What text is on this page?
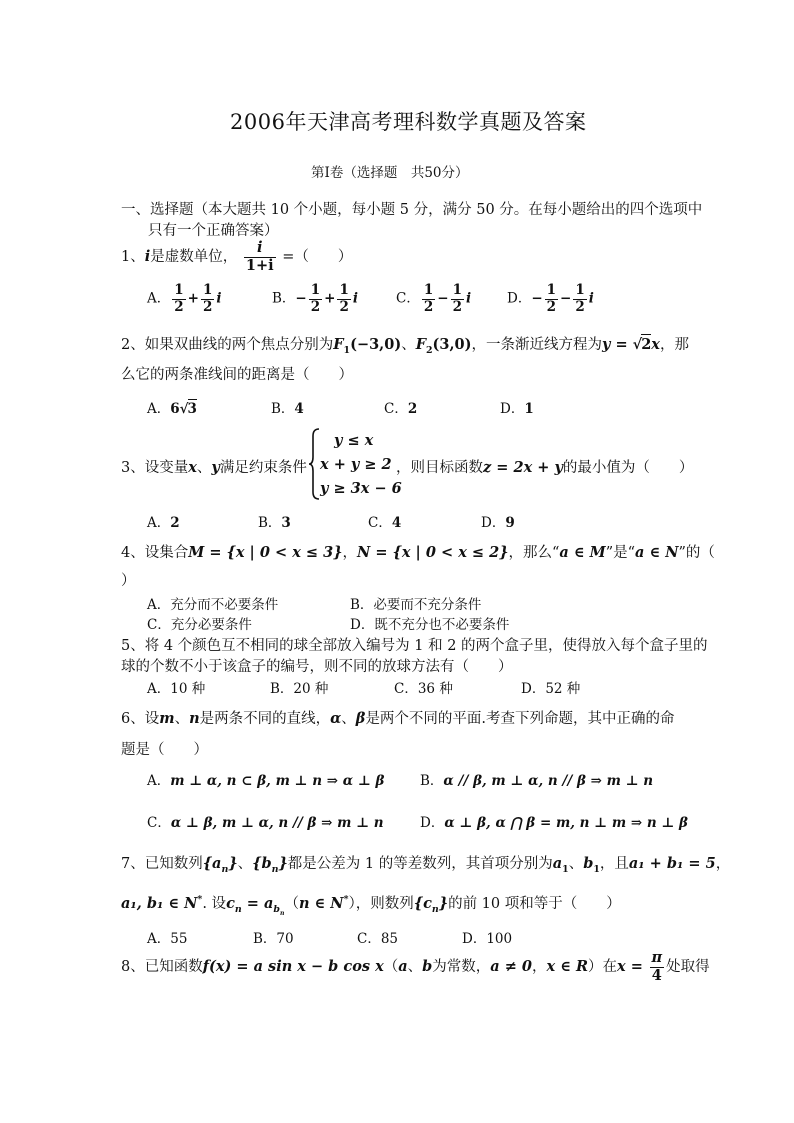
2006年天津高考理科数学真题及答案
第Ⅰ卷（选择题　共50分）
一、选择题（本大题共 10 个小题，每小题 5 分，满分 50 分。在每小题给出的四个选项中
只有一个正确答案）
1、i是虚数单位， $\frac{i}{1+i}$ =（　　）
A． $\frac{1}{2} + \frac{1}{2}$ i	B．− $\frac{1}{2} + \frac{1}{2}$ i	C． $\frac{1}{2} - \frac{1}{2}$ i	D．− $\frac{1}{2} - \frac{1}{2}$ i
2、如果双曲线的两个焦点分别为$F_1(-3,0)$、$F_2(3,0)$，一条渐近线方程为y = √2x，那
么它的两条准线间的距离是（　　）
A．6√3	B．4	C．2	D．1
y ≤ x
3、设变量x、y满足约束条件 x + y ≥ 2 ，则目标函数z = 2x + y的最小值为（　　）
y ≥ 3x − 6
A．2	B．3	C．4	D．9
4、设集合M = {x | 0 < x ≤ 3}，N = {x | 0 < x ≤ 2}，那么“a ∈ M”是“a ∈ N”的（
）
A．充分而不必要条件	B．必要而不充分条件
C．充分必要条件	D．既不充分也不必要条件
5、将 4 个颜色互不相同的球全部放入编号为 1 和 2 的两个盒子里，使得放入每个盒子里的
球的个数不小于该盒子的编号，则不同的放球方法有（　　）
A．10 种	B．20 种	C．36 种	D．52 种
6、设m、n是两条不同的直线，α、β是两个不同的平面.考查下列命题，其中正确的命
题是（　　）
A．m ⊥ α, n ⊂ β, m ⊥ n ⇒ α ⊥ β	B．α // β, m ⊥ α, n // β ⇒ m ⊥ n
C．α ⊥ β, m ⊥ α, n // β ⇒ m ⊥ n	D．α ⊥ β, α ⋂ β = m, n ⊥ m ⇒ n ⊥ β
7、已知数列$\{a_n\}$、$\{b_n\}$都是公差为 1 的等差数列，其首项分别为$a_1$、$b_1$，且a₁ + b₁ = 5，
a₁, b₁ ∈ N*. 设$c_n = a_{b_n}(n$ ∈ N*），则数列$\{c_n\}$的前 10 项和等于（　　）
A．55	B．70	C．85	D．100
8、已知函数f(x) = a sin x − b cos x（a、b为常数，a ≠ 0，x ∈ R）在$x = \frac{\pi}{4}$ 处取得
